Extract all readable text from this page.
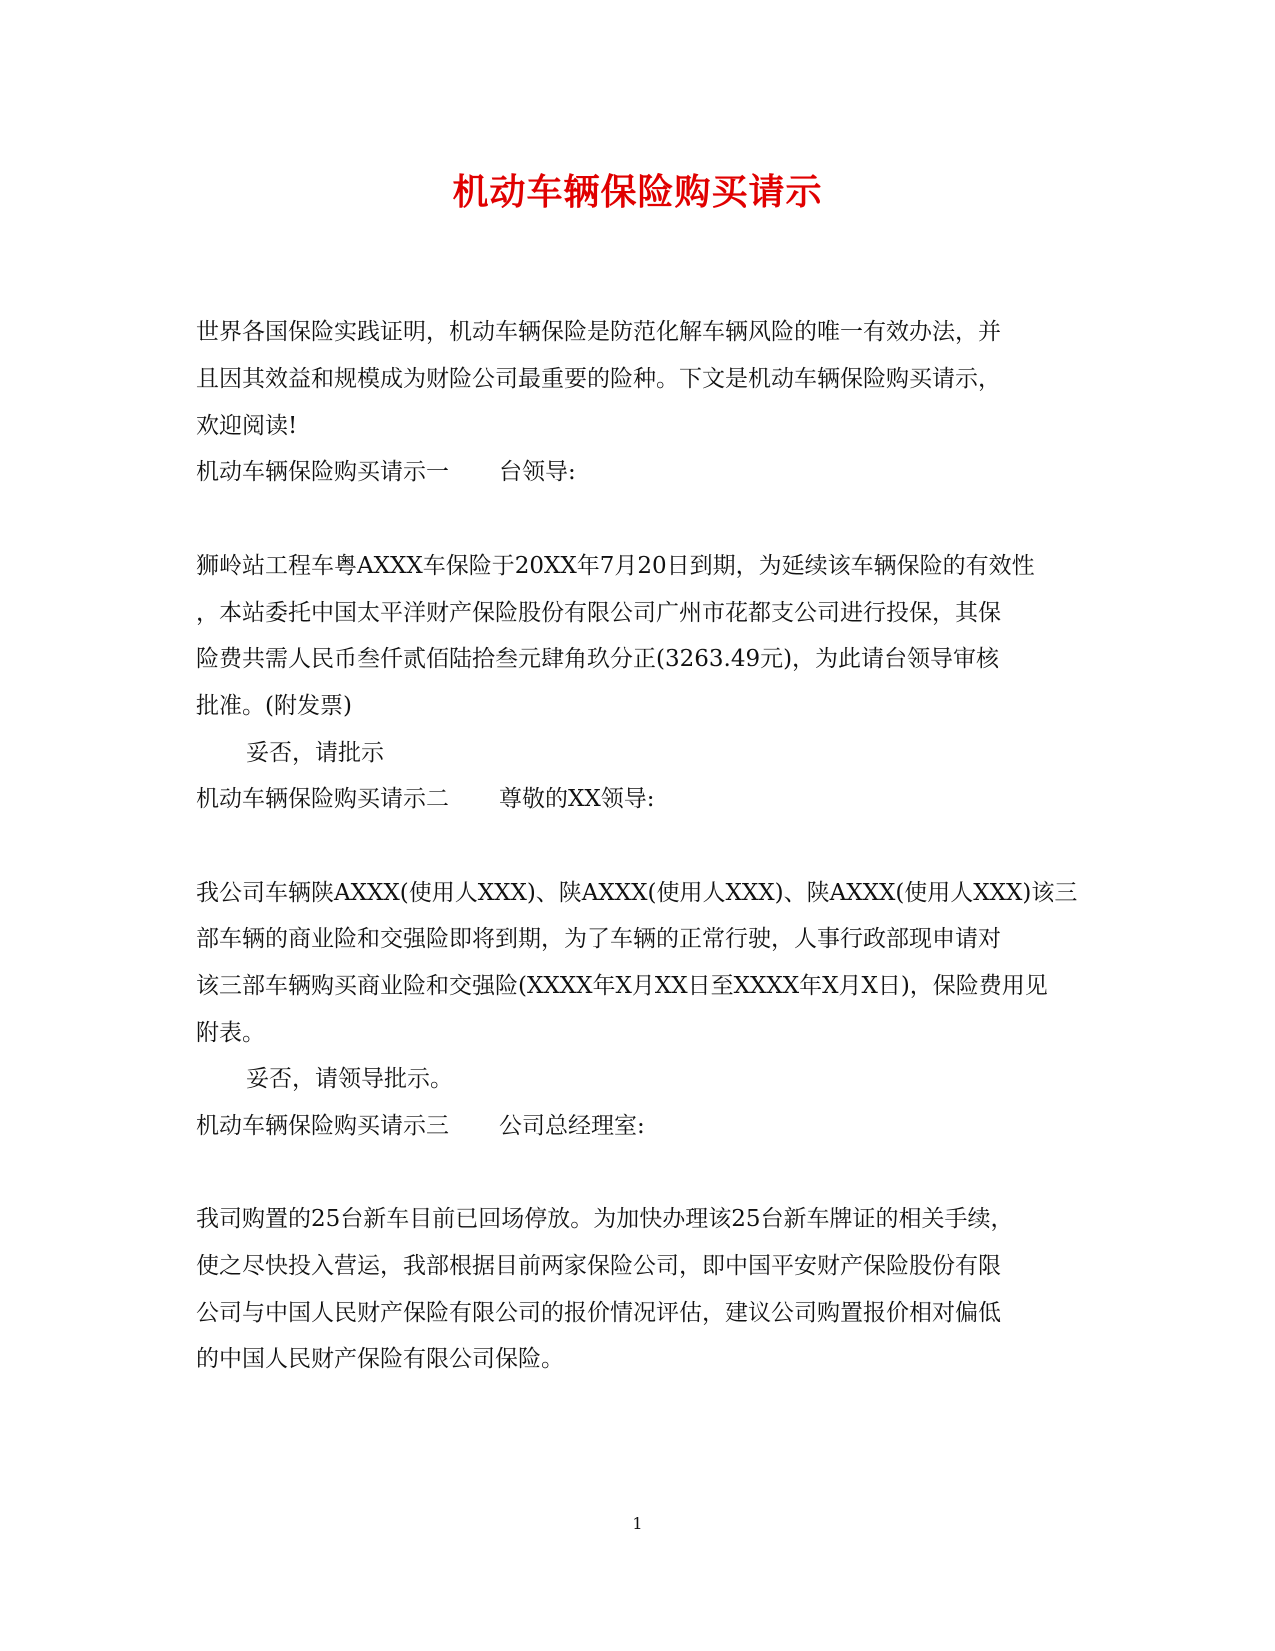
机动车辆保险购买请示
世界各国保险实践证明，机动车辆保险是防范化解车辆风险的唯一有效办法，并
且因其效益和规模成为财险公司最重要的险种。下文是机动车辆保险购买请示，
欢迎阅读!
机动车辆保险购买请示一 台领导:
狮岭站工程车粤AXXX车保险于20XX年7月20日到期，为延续该车辆保险的有效性
，本站委托中国太平洋财产保险股份有限公司广州市花都支公司进行投保，其保
险费共需人民币叁仟贰佰陆拾叁元肆角玖分正(3263.49元)，为此请台领导审核
批准。(附发票)
妥否，请批示
机动车辆保险购买请示二 尊敬的XX领导:
我公司车辆陕AXXX(使用人XXX)、陕AXXX(使用人XXX)、陕AXXX(使用人XXX)该三
部车辆的商业险和交强险即将到期，为了车辆的正常行驶，人事行政部现申请对
该三部车辆购买商业险和交强险(XXXX年X月XX日至XXXX年X月X日)，保险费用见
附表。
妥否，请领导批示。
机动车辆保险购买请示三 公司总经理室:
我司购置的25台新车目前已回场停放。为加快办理该25台新车牌证的相关手续，
使之尽快投入营运，我部根据目前两家保险公司，即中国平安财产保险股份有限
公司与中国人民财产保险有限公司的报价情况评估，建议公司购置报价相对偏低
的中国人民财产保险有限公司保险。
1
